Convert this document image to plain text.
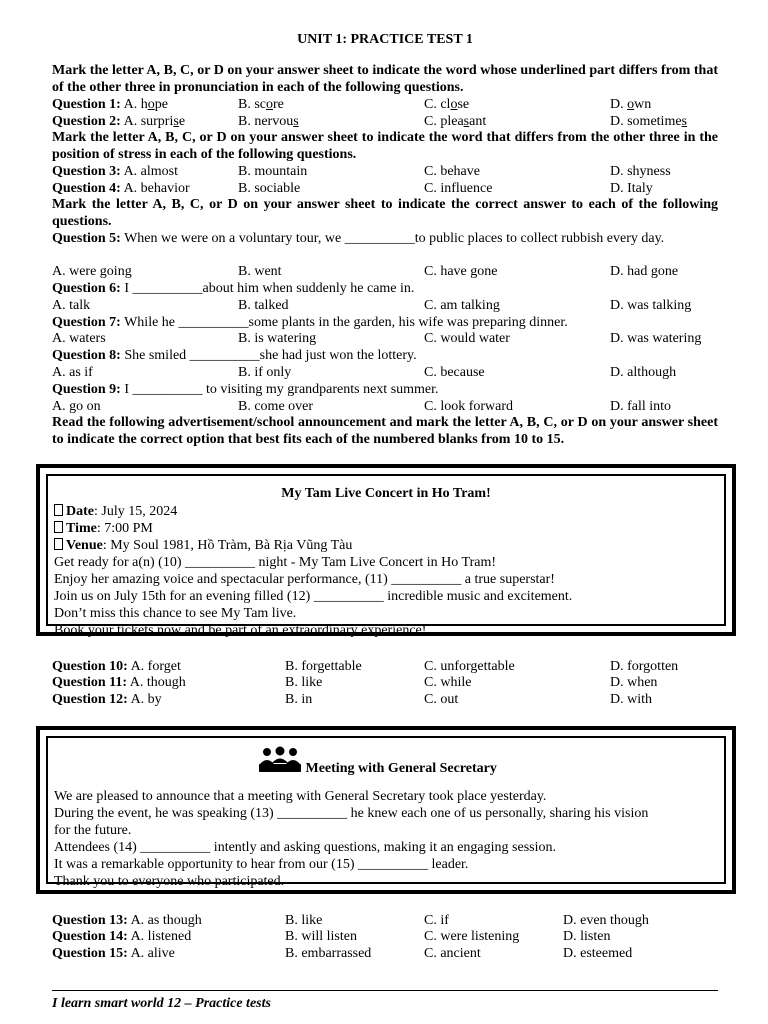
UNIT 1: PRACTICE TEST 1
Mark the letter A, B, C, or D on your answer sheet to indicate the word whose underlined part differs from that of the other three in pronunciation in each of the following questions.
Question 1: A. hope	B. score	C. close	D. own
Question 2: A. surprise	B. nervous	C. pleasant	D. sometimes
Mark the letter A, B, C, or D on your answer sheet to indicate the word that differs from the other three in the position of stress in each of the following questions.
Question 3: A. almost	B. mountain	C. behave	D. shyness
Question 4: A. behavior	B. sociable	C. influence	D. Italy
Mark the letter A, B, C, or D on your answer sheet to indicate the correct answer to each of the following questions.
Question 5: When we were on a voluntary tour, we __________to public places to collect rubbish every day.
A. were going	B. went	C. have gone	D. had gone
Question 6: I __________about him when suddenly he came in.
A. talk	B. talked	C. am talking	D. was talking
Question 7: While he __________some plants in the garden, his wife was preparing dinner.
A. waters	B. is watering	C. would water	D. was watering
Question 8: She smiled __________she had just won the lottery.
A. as if	B. if only	C. because	D. although
Question 9: I __________ to visiting my grandparents next summer.
A. go on	B. come over	C. look forward	D. fall into
Read the following advertisement/school announcement and mark the letter A, B, C, or D on your answer sheet to indicate the correct option that best fits each of the numbered blanks from 10 to 15.
My Tam Live Concert in Ho Tram!
Date: July 15, 2024
Time: 7:00 PM
Venue: My Soul 1981, Hồ Tràm, Bà Rịa Vũng Tàu
Get ready for a(n) (10) __________ night - My Tam Live Concert in Ho Tram!
Enjoy her amazing voice and spectacular performance, (11) __________ a true superstar!
Join us on July 15th for an evening filled (12) __________ incredible music and excitement.
Don’t miss this chance to see My Tam live.
Book your tickets now and be part of an extraordinary experience!
Question 10: A. forget	B. forgettable	C. unforgettable	D. forgotten
Question 11: A. though	B. like	C. while	D. when
Question 12: A. by	B. in	C. out	D. with
Meeting with General Secretary
We are pleased to announce that a meeting with General Secretary took place yesterday.
During the event, he was speaking (13) __________ he knew each one of us personally, sharing his vision
for the future.
Attendees (14) __________ intently and asking questions, making it an engaging session.
It was a remarkable opportunity to hear from our (15) __________ leader.
Thank you to everyone who participated.
Question 13: A. as though	B. like	C. if	D. even though
Question 14: A. listened	B. will listen	C. were listening	D. listen
Question 15: A. alive	B. embarrassed	C. ancient	D. esteemed
I learn smart world 12 – Practice tests
